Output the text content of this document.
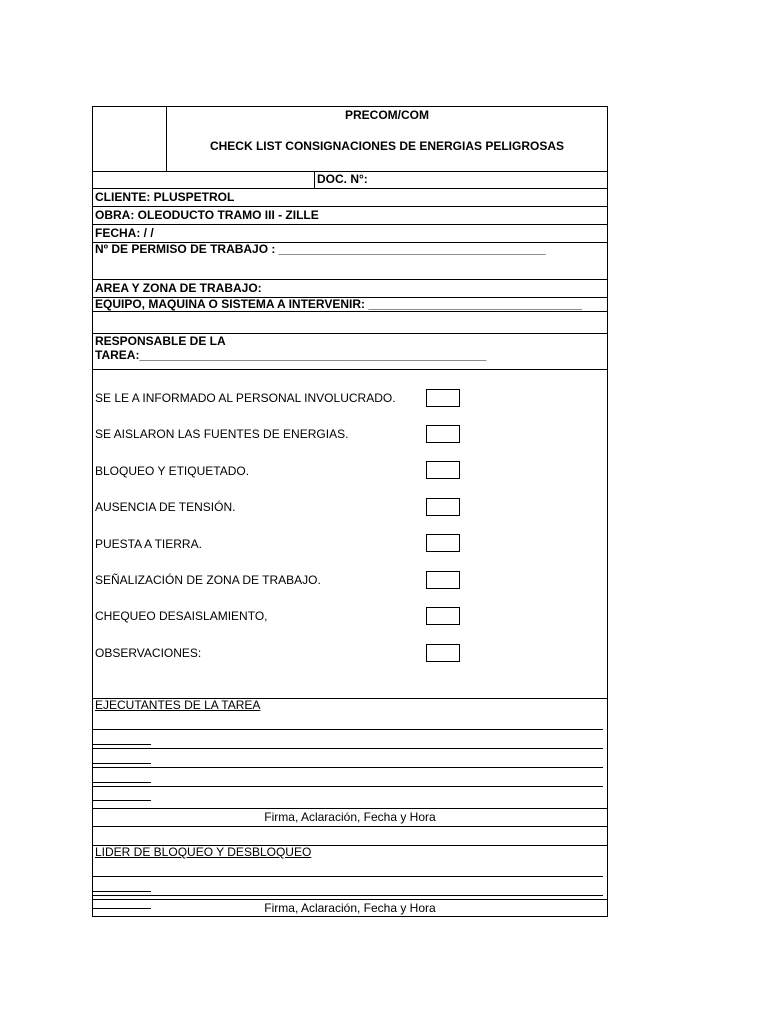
PRECOM/COM
CHECK LIST CONSIGNACIONES DE ENERGIAS PELIGROSAS
DOC. N°:
CLIENTE: PLUSPETROL
OBRA: OLEODUCTO TRAMO III - ZILLE
FECHA: / /
Nº DE PERMISO DE TRABAJO : ________________________________________
AREA Y ZONA DE TRABAJO:
EQUIPO, MAQUINA O SISTEMA A INTERVENIR: ________________________________
RESPONSABLE DE LA
TAREA:____________________________________________________
SE LE A INFORMADO AL PERSONAL INVOLUCRADO.
SE AISLARON LAS FUENTES DE ENERGIAS.
BLOQUEO Y ETIQUETADO.
AUSENCIA DE TENSIÓN.
PUESTA A TIERRA.
SEÑALIZACIÓN DE ZONA DE TRABAJO.
CHEQUEO DESAISLAMIENTO,
OBSERVACIONES:
EJECUTANTES DE LA TAREA
Firma, Aclaración, Fecha y Hora
LIDER DE BLOQUEO Y DESBLOQUEO
Firma, Aclaración, Fecha y Hora
